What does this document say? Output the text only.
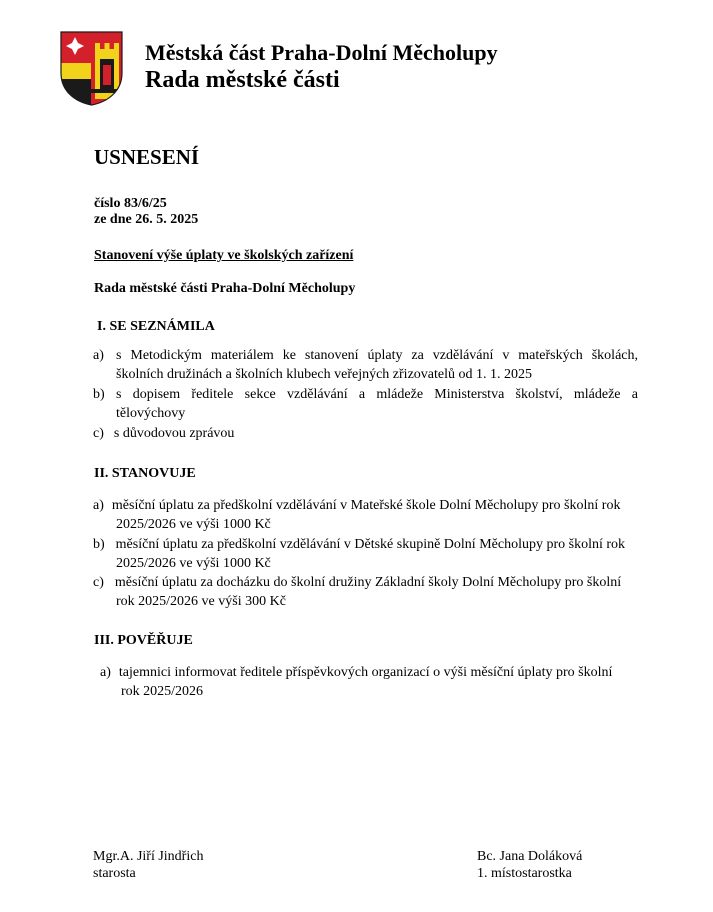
Městská část Praha-Dolní Měcholupy
Rada městské části
USNESENÍ
číslo 83/6/25
ze dne 26. 5. 2025
Stanovení výše úplaty ve školských zařízení
Rada městské části Praha-Dolní Měcholupy
I. SE SEZNÁMILA
a) s Metodickým materiálem ke stanovení úplaty za vzdělávání v mateřských školách,
školních družinách a školních klubech veřejných zřizovatelů od 1. 1. 2025
b) s dopisem ředitele sekce vzdělávání a mládeže Ministerstva školství, mládeže a
tělovýchovy
c) s důvodovou zprávou
II. STANOVUJE
a) měsíční úplatu za předškolní vzdělávání v Mateřské škole Dolní Měcholupy pro školní rok
2025/2026 ve výši 1000 Kč
b) měsíční úplatu za předškolní vzdělávání v Dětské skupině Dolní Měcholupy pro školní rok
2025/2026 ve výši 1000 Kč
c) měsíční úplatu za docházku do školní družiny Základní školy Dolní Měcholupy pro školní
rok 2025/2026 ve výši 300 Kč
III. POVĚŘUJE
a) tajemnici informovat ředitele příspěvkových organizací o výši měsíční úplaty pro školní
rok 2025/2026
Mgr.A. Jiří Jindřich
starosta
Bc. Jana Doláková
1. místostarostka
